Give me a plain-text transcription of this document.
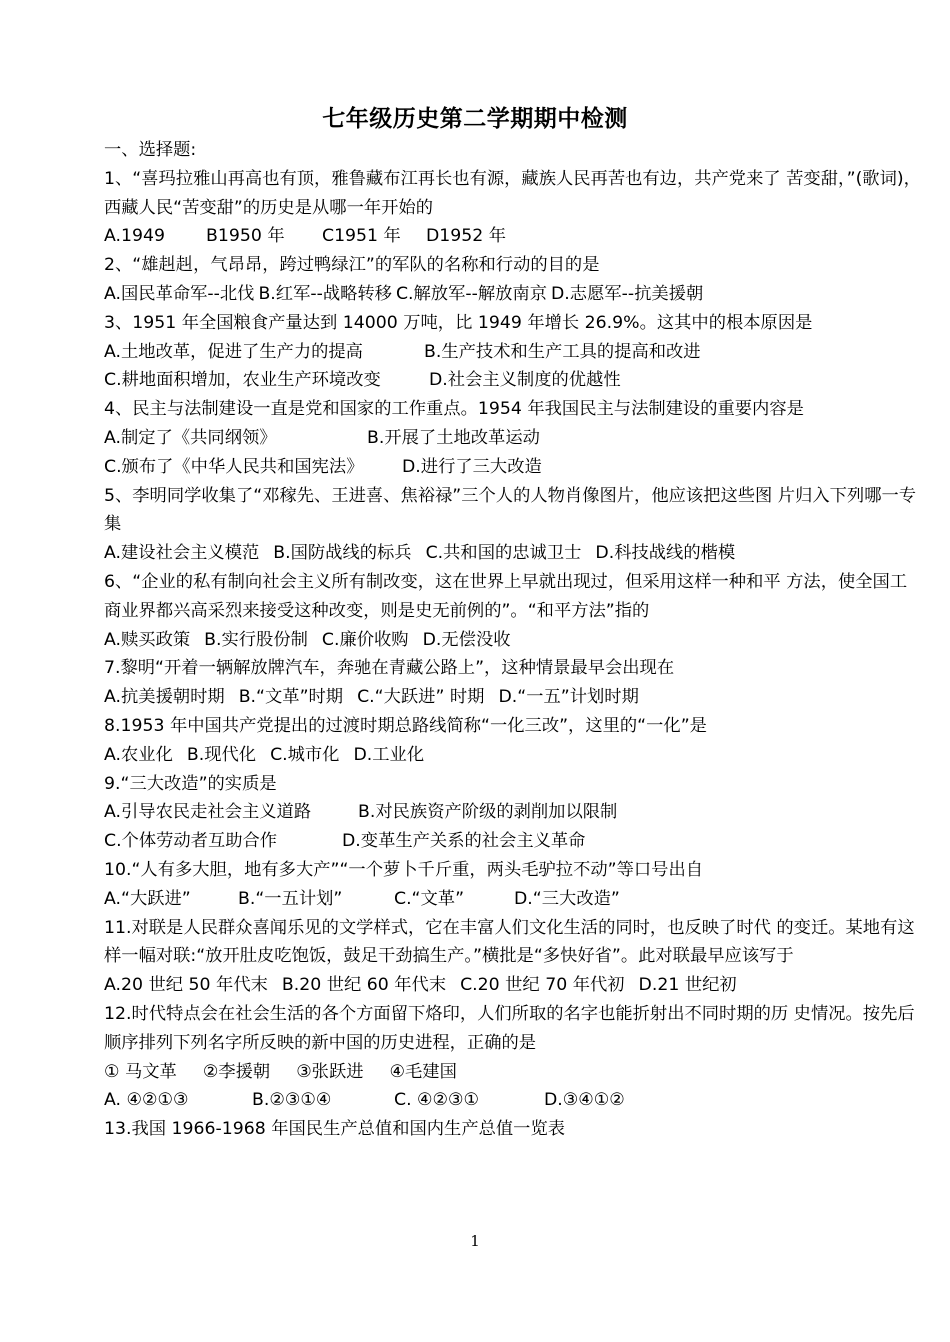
七年级历史第二学期期中检测
一、选择题:
1、“喜玛拉雅山再高也有顶，雅鲁藏布江再长也有源，藏族人民再苦也有边，共产党来了 苦变甜，”(歌词)，西藏人民“苦变甜”的历史是从哪一年开始的
A.1949 B1950 年 C1951 年 D1952 年
2、“雄赳赳，气昂昂，跨过鸭绿江”的军队的名称和行动的目的是
A.国民革命军--北伐 B.红军--战略转移 C.解放军--解放南京 D.志愿军--抗美援朝
3、1951 年全国粮食产量达到 14000 万吨，比 1949 年增长 26.9%。这其中的根本原因是
A.土地改革，促进了生产力的提高	B.生产技术和生产工具的提高和改进
C.耕地面积增加，农业生产环境改变	D.社会主义制度的优越性
4、民主与法制建设一直是党和国家的工作重点。1954 年我国民主与法制建设的重要内容是
A.制定了《共同纲领》	B.开展了土地改革运动
C.颁布了《中华人民共和国宪法》 D.进行了三大改造
5、李明同学收集了“邓稼先、王进喜、焦裕禄”三个人的人物肖像图片，他应该把这些图 片归入下列哪一专集
A.建设社会主义模范 B.国防战线的标兵 C.共和国的忠诚卫士 D.科技战线的楷模
6、“企业的私有制向社会主义所有制改变，这在世界上早就出现过，但采用这样一种和平 方法，使全国工商业界都兴高采烈来接受这种改变，则是史无前例的”。“和平方法”指的
A.赎买政策 B.实行股份制 C.廉价收购 D.无偿没收
7.黎明“开着一辆解放牌汽车，奔驰在青藏公路上”，这种情景最早会出现在
A.抗美援朝时期 B.“文革”时期 C.“大跃进” 时期 D.“一五”计划时期
8.1953 年中国共产党提出的过渡时期总路线简称“一化三改”，这里的“一化”是
A.农业化 B.现代化 C.城市化 D.工业化
9.“三大改造”的实质是
A.引导农民走社会主义道路	B.对民族资产阶级的剥削加以限制
C.个体劳动者互助合作	D.变革生产关系的社会主义革命
10.“人有多大胆，地有多大产”“一个萝卜千斤重，两头毛驴拉不动”等口号出自
A.“大跃进”	B.“一五计划”	C.“文革”	D.“三大改造”
11.对联是人民群众喜闻乐见的文学样式，它在丰富人们文化生活的同时，也反映了时代 的变迁。某地有这样一幅对联:“放开肚皮吃饱饭，鼓足干劲搞生产。”横批是“多快好省”。此对联最早应该写于
A.20 世纪 50 年代末 B.20 世纪 60 年代末 C.20 世纪 70 年代初 D.21 世纪初
12.时代特点会在社会生活的各个方面留下烙印，人们所取的名字也能折射出不同时期的历 史情况。按先后顺序排列下列名字所反映的新中国的历史进程，正确的是
① 马文革 ②李援朝 ③张跃进 ④毛建国
A. ④②①③	B.②③①④	C. ④②③①	D.③④①②
13.我国 1966-1968 年国民生产总值和国内生产总值一览表
1
